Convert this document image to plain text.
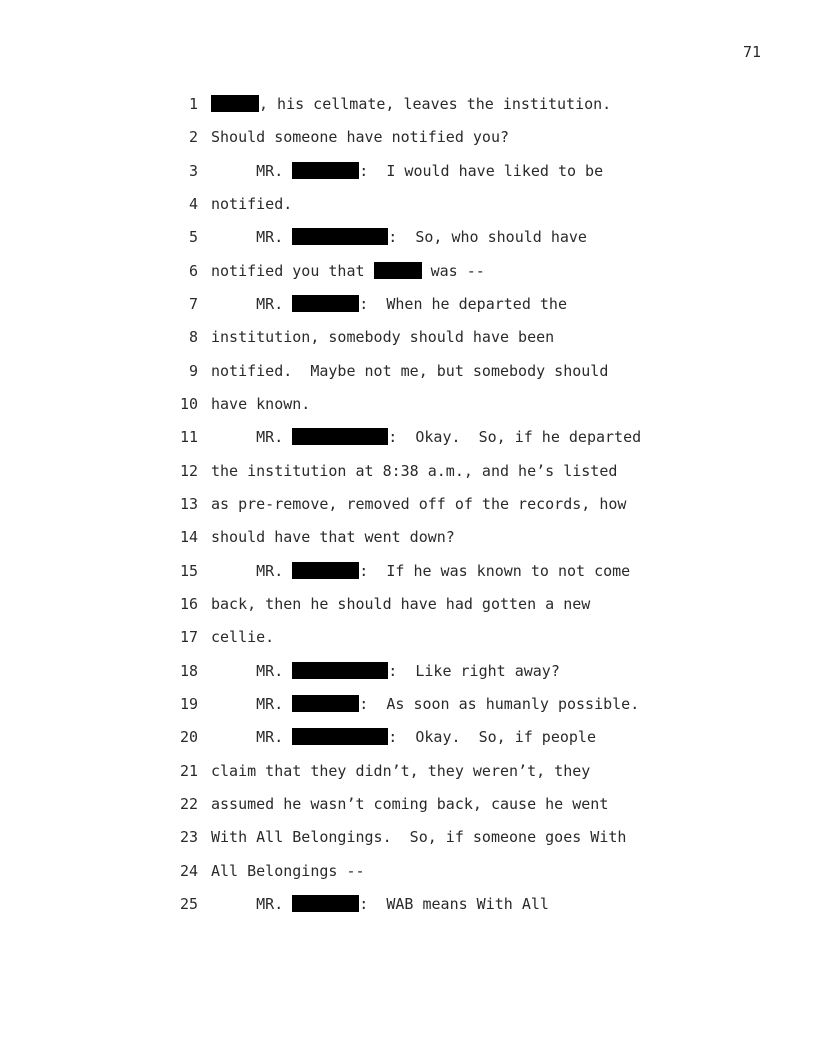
71
1	, his cellmate, leaves the institution.
2 Should someone have notified you?
3 MR.	:  I would have liked to be
4 notified.
5 MR.	:  So, who should have
6 notified you that	was --
7 MR.	:  When he departed the
8 institution, somebody should have been
9 notified.  Maybe not me, but somebody should
10 have known.
11 MR.	:  Okay.  So, if he departed
12 the institution at 8:38 a.m., and he’s listed
13 as pre-remove, removed off of the records, how
14 should have that went down?
15 MR.	:  If he was known to not come
16 back, then he should have had gotten a new
17 cellie.
18 MR.	:  Like right away?
19 MR.	:  As soon as humanly possible.
20 MR.	:  Okay.  So, if people
21 claim that they didn’t, they weren’t, they
22 assumed he wasn’t coming back, cause he went
23 With All Belongings.  So, if someone goes With
24 All Belongings --
25 MR.	:  WAB means With All
